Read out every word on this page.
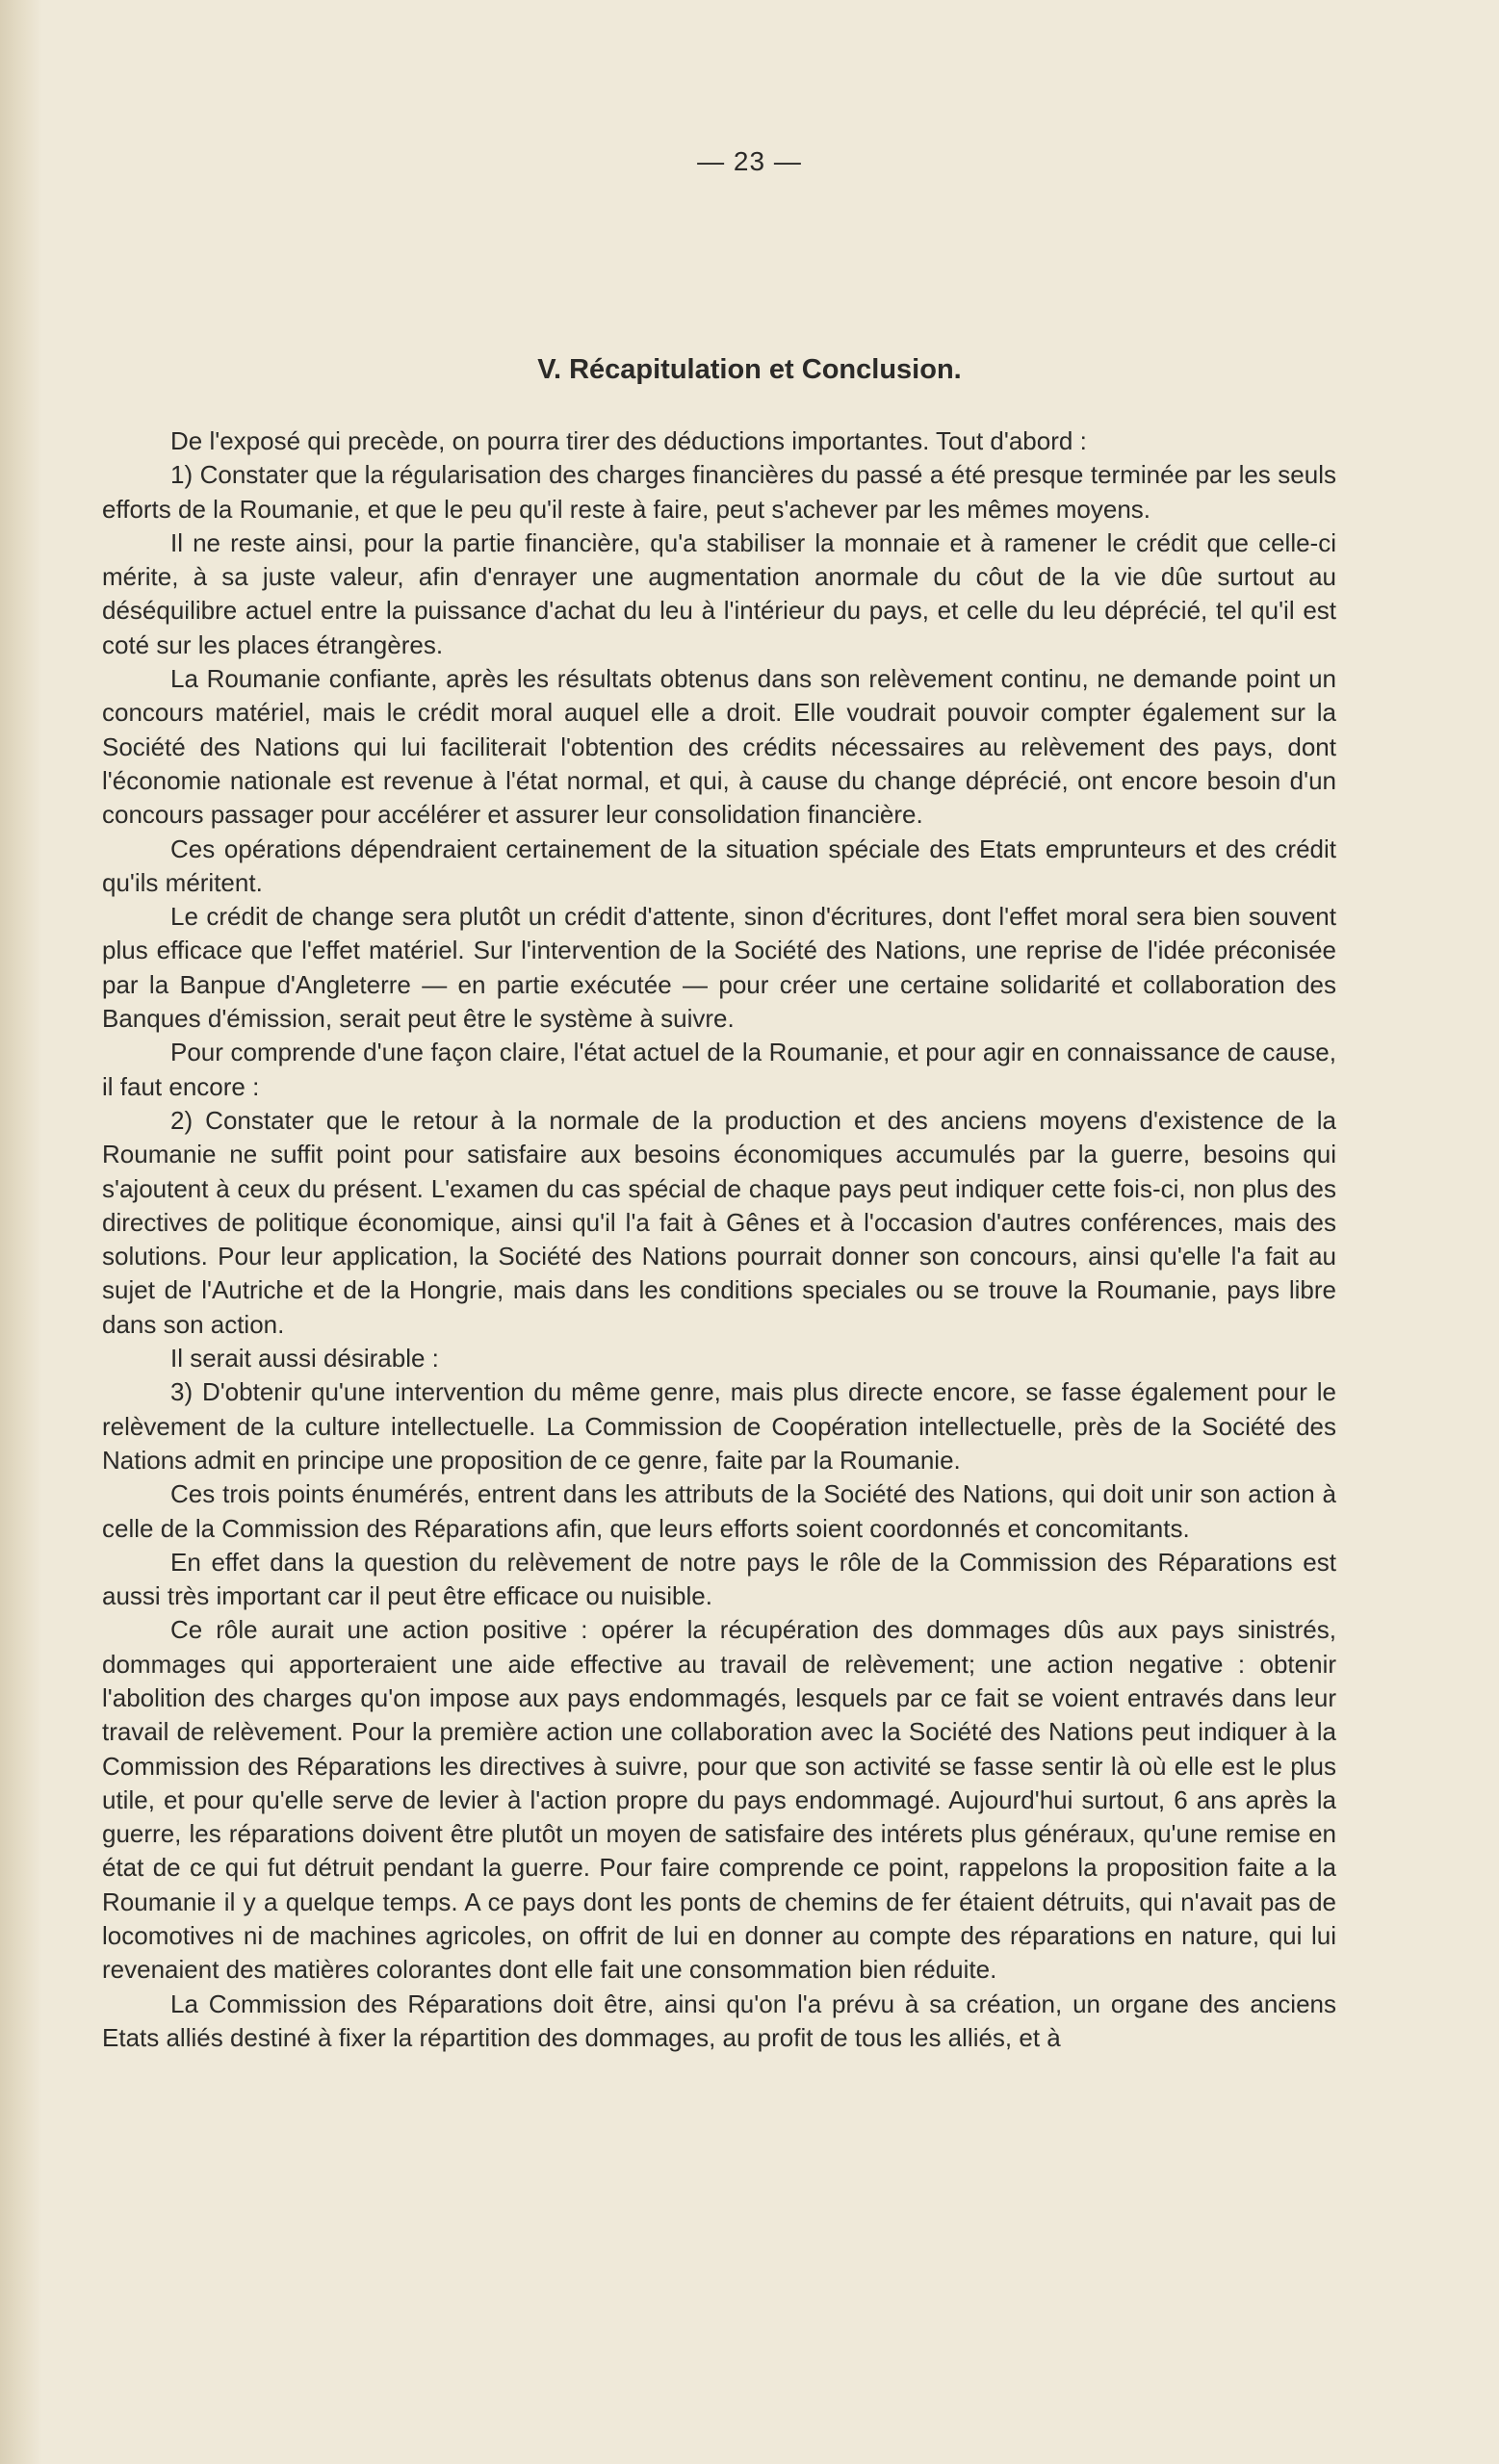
— 23 —
V. Récapitulation et Conclusion.

De l'exposé qui precède, on pourra tirer des déductions importantes. Tout d'abord :

1) Constater que la régularisation des charges financières du passé a été presque terminée par les seuls efforts de la Roumanie, et que le peu qu'il reste à faire, peut s'achever par les mêmes moyens.

Il ne reste ainsi, pour la partie financière, qu'a stabiliser la monnaie et à ramener le crédit que celle-ci mérite, à sa juste valeur, afin d'enrayer une augmentation anormale du côut de la vie dûe surtout au déséquilibre actuel entre la puissance d'achat du leu à l'intérieur du pays, et celle du leu déprécié, tel qu'il est coté sur les places étrangères.

La Roumanie confiante, après les résultats obtenus dans son relèvement continu, ne demande point un concours matériel, mais le crédit moral auquel elle a droit. Elle voudrait pouvoir compter également sur la Société des Nations qui lui faciliterait l'obtention des crédits nécessaires au relèvement des pays, dont l'économie nationale est revenue à l'état normal, et qui, à cause du change déprécié, ont encore besoin d'un concours passager pour accélérer et assurer leur consolidation financière.

Ces opérations dépendraient certainement de la situation spéciale des Etats emprunteurs et des crédit qu'ils méritent.

Le crédit de change sera plutôt un crédit d'attente, sinon d'écritures, dont l'effet moral sera bien souvent plus efficace que l'effet matériel. Sur l'intervention de la Société des Nations, une reprise de l'idée préconisée par la Banpue d'Angleterre — en partie exécutée — pour créer une certaine solidarité et collaboration des Banques d'émission, serait peut être le système à suivre.

Pour comprende d'une façon claire, l'état actuel de la Roumanie, et pour agir en connaissance de cause, il faut encore :

2) Constater que le retour à la normale de la production et des anciens moyens d'existence de la Roumanie ne suffit point pour satisfaire aux besoins économiques accumulés par la guerre, besoins qui s'ajoutent à ceux du présent. L'examen du cas spécial de chaque pays peut indiquer cette fois-ci, non plus des directives de politique économique, ainsi qu'il l'a fait à Gênes et à l'occasion d'autres conférences, mais des solutions. Pour leur application, la Société des Nations pourrait donner son concours, ainsi qu'elle l'a fait au sujet de l'Autriche et de la Hongrie, mais dans les conditions speciales ou se trouve la Roumanie, pays libre dans son action.

Il serait aussi désirable :

3) D'obtenir qu'une intervention du même genre, mais plus directe encore, se fasse également pour le relèvement de la culture intellectuelle. La Commission de Coopération intellectuelle, près de la Société des Nations admit en principe une proposition de ce genre, faite par la Roumanie.

Ces trois points énumérés, entrent dans les attributs de la Société des Nations, qui doit unir son action à celle de la Commission des Réparations afin, que leurs efforts soient coordonnés et concomitants.

En effet dans la question du relèvement de notre pays le rôle de la Commission des Réparations est aussi très important car il peut être efficace ou nuisible.

Ce rôle aurait une action positive : opérer la récupération des dommages dûs aux pays sinistrés, dommages qui apporteraient une aide effective au travail de relèvement; une action negative : obtenir l'abolition des charges qu'on impose aux pays endommagés, lesquels par ce fait se voient entravés dans leur travail de relèvement. Pour la première action une collaboration avec la Société des Nations peut indiquer à la Commission des Réparations les directives à suivre, pour que son activité se fasse sentir là où elle est le plus utile, et pour qu'elle serve de levier à l'action propre du pays endommagé. Aujourd'hui surtout, 6 ans après la guerre, les réparations doivent être plutôt un moyen de satisfaire des intérets plus généraux, qu'une remise en état de ce qui fut détruit pendant la guerre. Pour faire comprende ce point, rappelons la proposition faite a la Roumanie il y a quelque temps. A ce pays dont les ponts de chemins de fer étaient détruits, qui n'avait pas de locomotives ni de machines agricoles, on offrit de lui en donner au compte des réparations en nature, qui lui revenaient des matières colorantes dont elle fait une consommation bien réduite.

La Commission des Réparations doit être, ainsi qu'on l'a prévu à sa création, un organe des anciens Etats alliés destiné à fixer la répartition des dommages, au profit de tous les alliés, et à
